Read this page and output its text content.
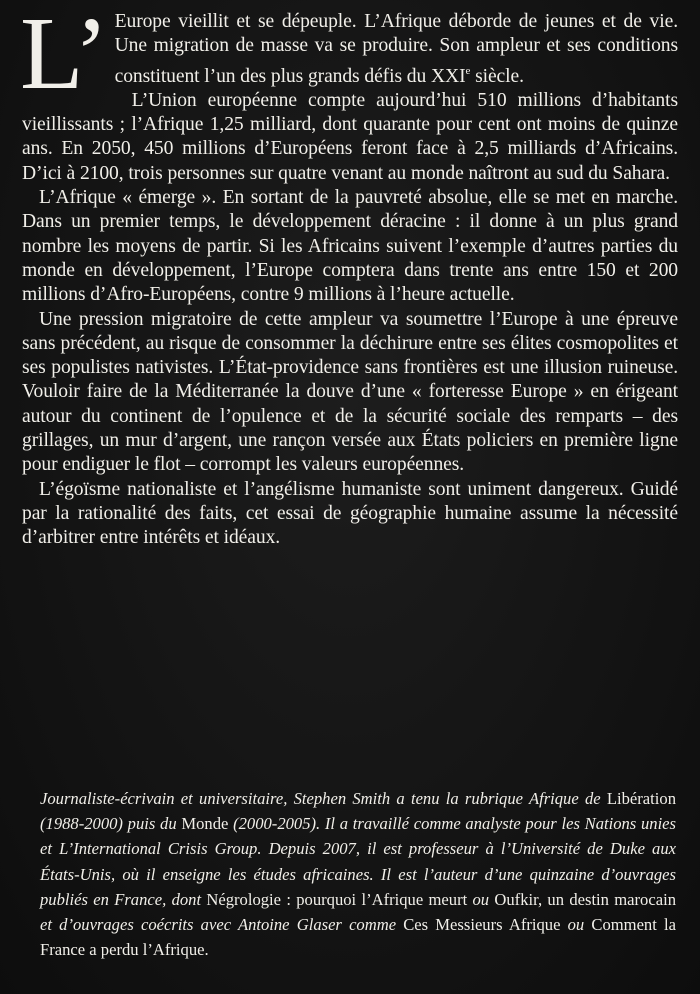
L’ Europe vieillit et se dépeuple. L’Afrique déborde de jeunes et de vie. Une migration de masse va se produire. Son ampleur et ses conditions constituent l’un des plus grands défis du XXIe siècle.

L’Union européenne compte aujourd’hui 510 millions d’habitants vieillissants ; l’Afrique 1,25 milliard, dont quarante pour cent ont moins de quinze ans. En 2050, 450 millions d’Européens feront face à 2,5 milliards d’Africains. D’ici à 2100, trois personnes sur quatre venant au monde naîtront au sud du Sahara.

L’Afrique « émerge ». En sortant de la pauvreté absolue, elle se met en marche. Dans un premier temps, le développement déracine : il donne à un plus grand nombre les moyens de partir. Si les Africains suivent l’exemple d’autres parties du monde en développement, l’Europe comptera dans trente ans entre 150 et 200 millions d’Afro-Européens, contre 9 millions à l’heure actuelle.

Une pression migratoire de cette ampleur va soumettre l’Europe à une épreuve sans précédent, au risque de consommer la déchirure entre ses élites cosmopolites et ses populistes nativistes. L’État-providence sans frontières est une illusion ruineuse. Vouloir faire de la Méditerranée la douve d’une « forteresse Europe » en érigeant autour du continent de l’opulence et de la sécurité sociale des remparts – des grillages, un mur d’argent, une rançon versée aux États policiers en première ligne pour endiguer le flot – corrompt les valeurs européennes.

L’égoïsme nationaliste et l’angélisme humaniste sont uniment dangereux. Guidé par la rationalité des faits, cet essai de géographie humaine assume la nécessité d’arbitrer entre intérêts et idéaux.

Journaliste-écrivain et universitaire, Stephen Smith a tenu la rubrique Afrique de Libération (1988-2000) puis du Monde (2000-2005). Il a travaillé comme analyste pour les Nations unies et L’International Crisis Group. Depuis 2007, il est professeur à l’Université de Duke aux États-Unis, où il enseigne les études africaines. Il est l’auteur d’une quinzaine d’ouvrages publiés en France, dont Négrologie : pourquoi l’Afrique meurt ou Oufkir, un destin marocain et d’ouvrages coécrits avec Antoine Glaser comme Ces Messieurs Afrique ou Comment la France a perdu l’Afrique.
